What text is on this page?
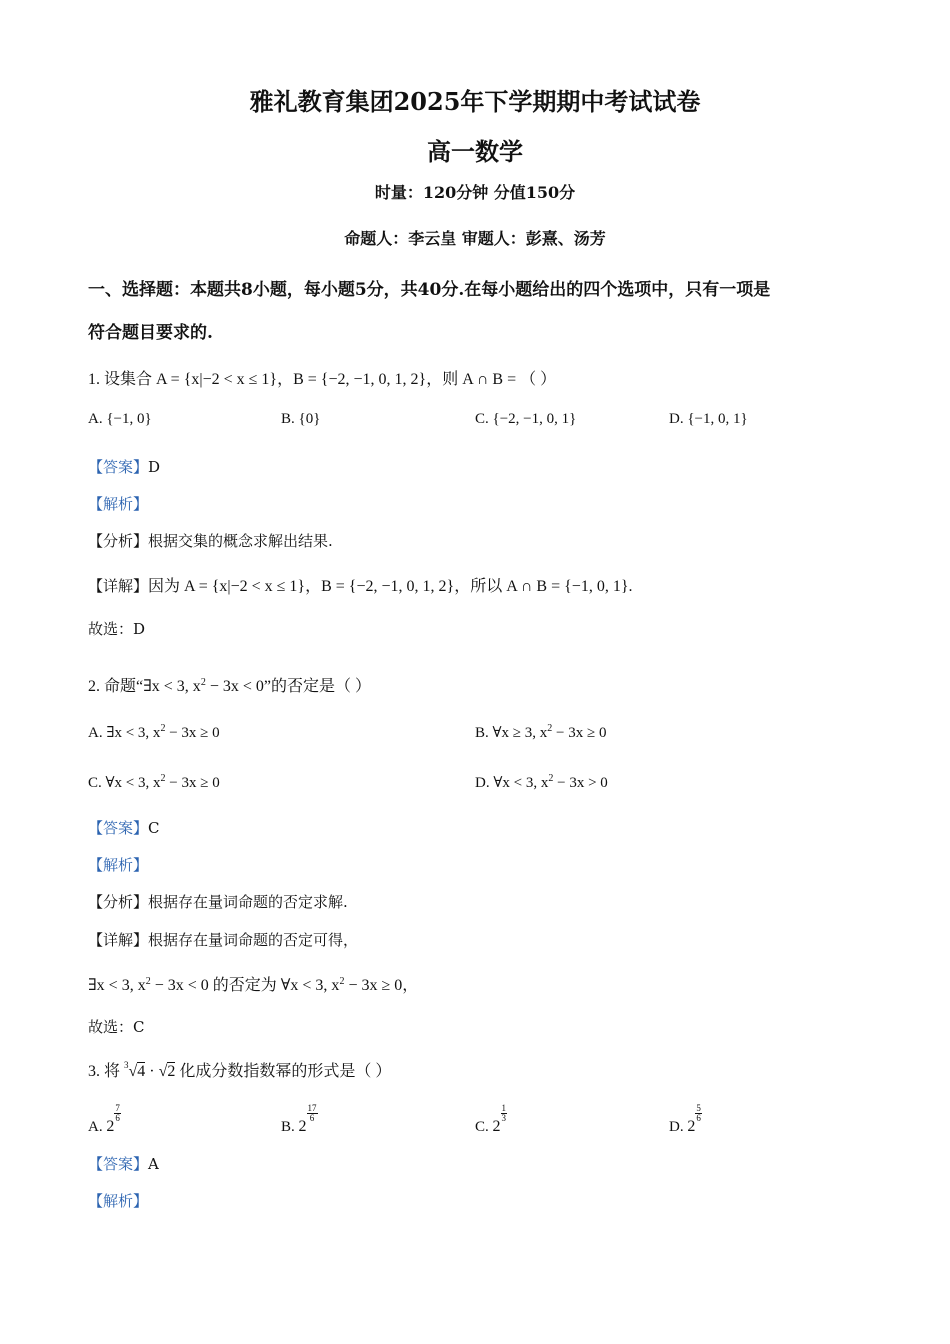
雅礼教育集团2025年下学期期中考试试卷
高一数学
时量：120分钟 分值150分
命题人：李云皇 审题人：彭熹、汤芳
一、选择题：本题共8小题，每小题5分，共40分.在每小题给出的四个选项中，只有一项是
符合题目要求的.
1. 设集合 A = {x|−2 < x ≤ 1}，B = {−2, −1, 0, 1, 2}，则 A ∩ B = （ ）
A. {−1, 0}	B. {0}	C. {−2, −1, 0, 1}	D. {−1, 0, 1}
【答案】D
【解析】
【分析】根据交集的概念求解出结果.
【详解】因为 A = {x|−2 < x ≤ 1}，B = {−2, −1, 0, 1, 2}，所以 A ∩ B = {−1, 0, 1}.
故选：D
2. 命题“∃x < 3, $x^2 - 3x < 0$”的否定是（ ）
A. ∃x < 3, $x^2 - 3x \ge 0$	B. ∀x ≥ 3, $x^2 - 3x \ge 0$
C. ∀x < 3, $x^2 - 3x \ge 0$	D. ∀x < 3, $x^2 - 3x > 0$
【答案】C
【解析】
【分析】根据存在量词命题的否定求解.
【详解】根据存在量词命题的否定可得，
∃x < 3, $x^2 - 3x < 0$ 的否定为 ∀x < 3, $x^2 - 3x \ge 0$，
故选：C
3. 将 $^3$√4 · √2 化成分数指数幂的形式是（ ）
A. 2
$\frac{7}{6}$
B. 2
$\frac{17}{6}$
C. 2
$\frac{1}{3}$
D. 2
$\frac{5}{6}$
【答案】A
【解析】
